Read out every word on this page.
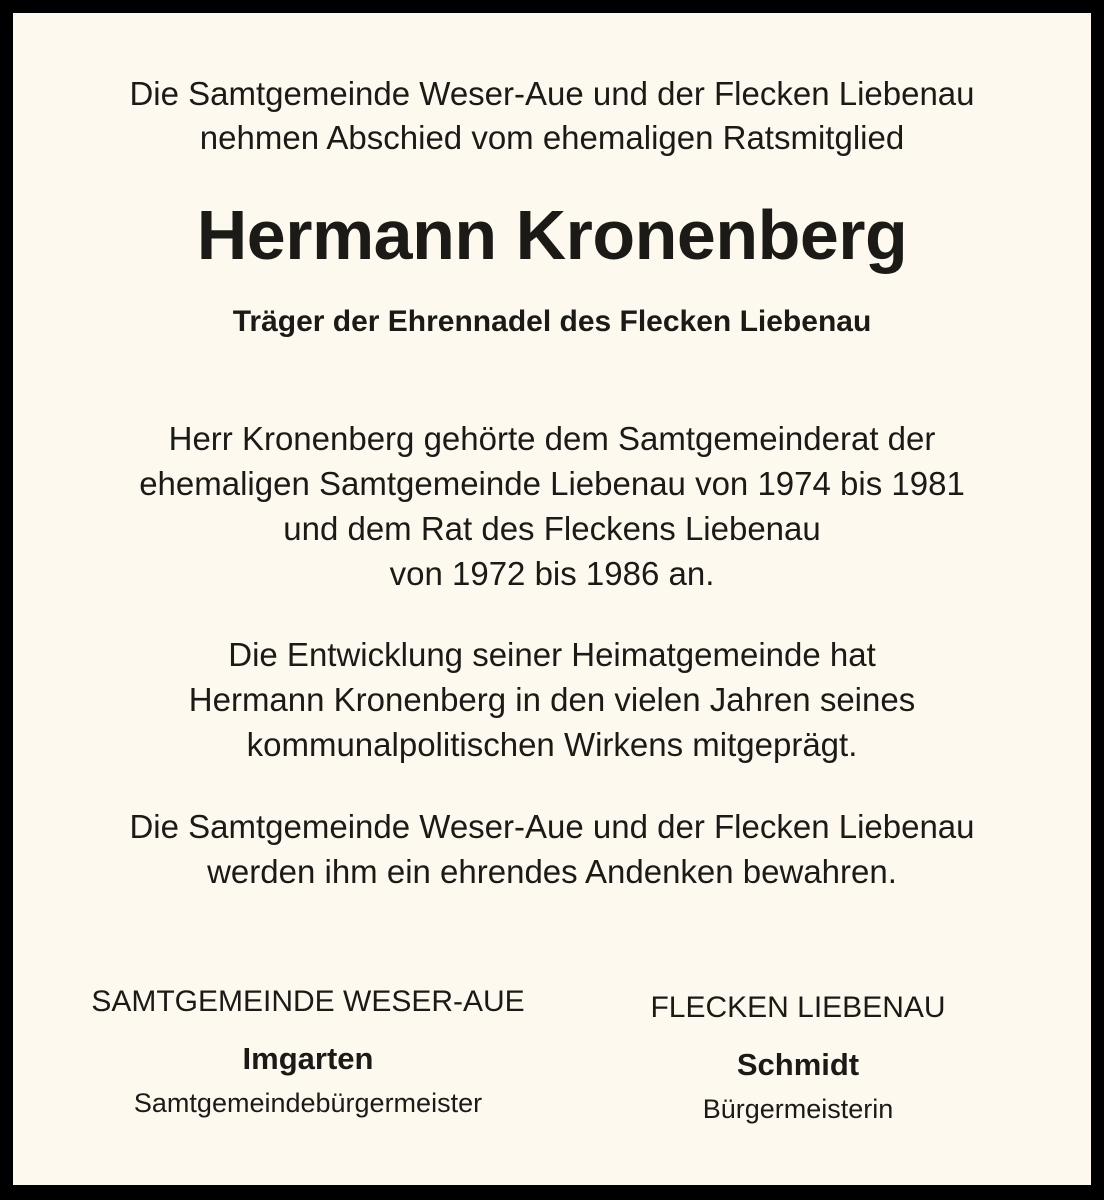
Die Samtgemeinde Weser-Aue und der Flecken Liebenau
nehmen Abschied vom ehemaligen Ratsmitglied
Hermann Kronenberg
Träger der Ehrennadel des Flecken Liebenau
Herr Kronenberg gehörte dem Samtgemeinderat der
ehemaligen Samtgemeinde Liebenau von 1974 bis 1981
und dem Rat des Fleckens Liebenau
von 1972 bis 1986 an.
Die Entwicklung seiner Heimatgemeinde hat
Hermann Kronenberg in den vielen Jahren seines
kommunalpolitischen Wirkens mitgeprägt.
Die Samtgemeinde Weser-Aue und der Flecken Liebenau
werden ihm ein ehrendes Andenken bewahren.
SAMTGEMEINDE WESER-AUE
Imgarten
Samtgemeindebürgermeister
FLECKEN LIEBENAU
Schmidt
Bürgermeisterin
